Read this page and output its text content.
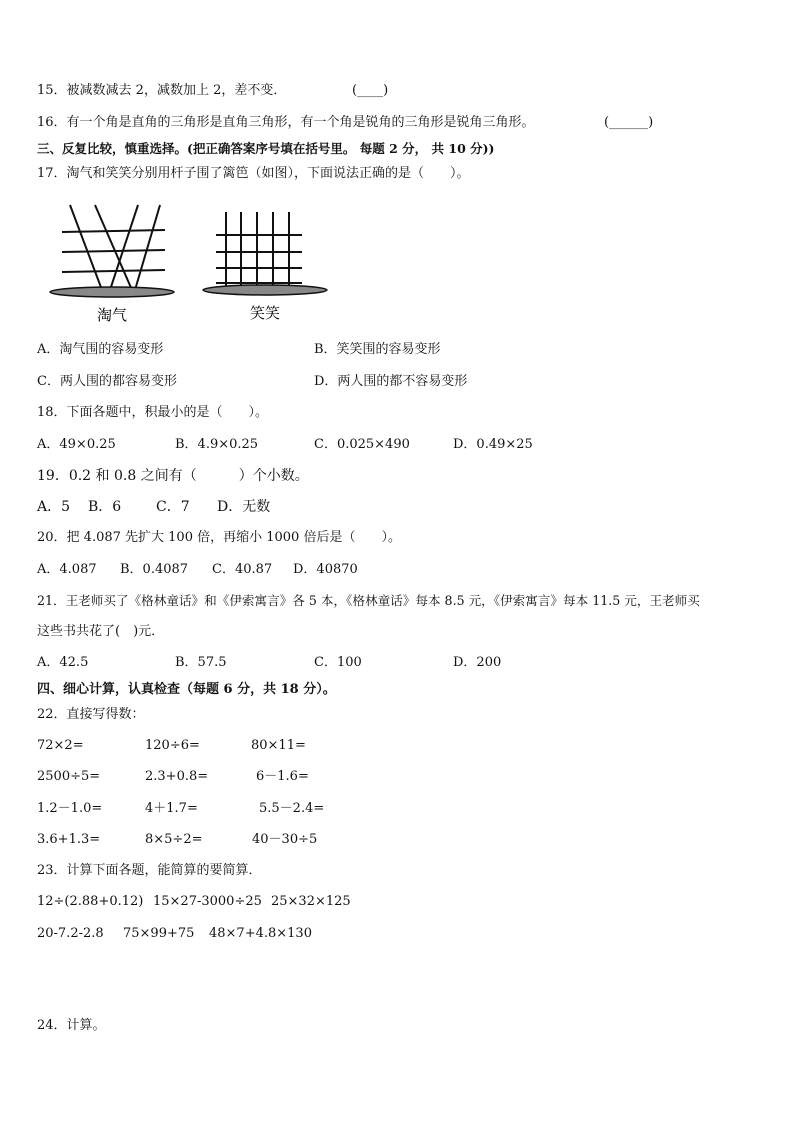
15．被减数减去 2，减数加上 2，差不变．	(____)
16．有一个角是直角的三角形是直角三角形，有一个角是锐角的三角形是锐角三角形。	(______)
三、反复比较，慎重选择。(把正确答案序号填在括号里。 每题 2 分， 共 10 分))
17．淘气和笑笑分别用杆子围了篱笆（如图），下面说法正确的是（　　）。
淘气	笑笑
A．淘气围的容易变形	B．笑笑围的容易变形
C．两人围的都容易变形	D．两人围的都不容易变形
18．下面各题中，积最小的是（　　）。
A．49×0.25	B．4.9×0.25	C．0.025×490	D．0.49×25
19．0.2 和 0.8 之间有（　　　）个小数。
A．5 B．6 C．7 D．无数
20．把 4.087 先扩大 100 倍，再缩小 1000 倍后是（　　）。
A．4.087 B．0.4087 C．40.87 D．40870
21．王老师买了《格林童话》和《伊索寓言》各 5 本，《格林童话》每本 8.5 元，《伊索寓言》每本 11.5 元，王老师买
这些书共花了(　)元．
A．42.5	B．57.5	C．100	D．200
四、细心计算，认真检查（每题 6 分，共 18 分）。
22．直接写得数：
72×2=	120÷6=	80×11=
2500÷5=	2.3+0.8=	6－1.6=
1.2－1.0=	4＋1.7=	5.5－2.4=
3.6+1.3=	8×5÷2=	40－30÷5
23．计算下面各题，能简算的要简算．
12÷(2.88+0.12) 15×27-3000÷25 25×32×125
20-7.2-2.8 75×99+75 48×7+4.8×130
24．计算。
